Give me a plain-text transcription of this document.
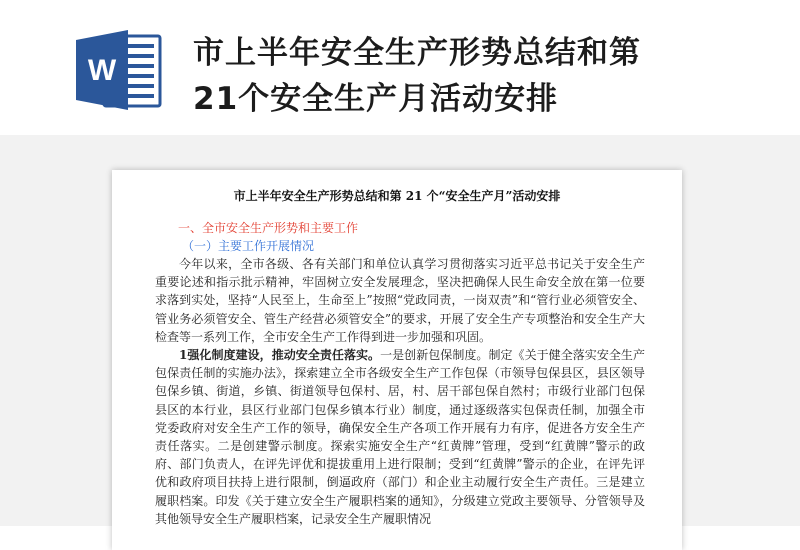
W 市上半年安全生产形势总结和第
21个安全生产月活动安排
市上半年安全生产形势总结和第 21 个“安全生产月”活动安排
一、全市安全生产形势和主要工作
（一）主要工作开展情况

今年以来，全市各级、各有关部门和单位认真学习贯彻落实习近平总书记关于安全生产重要论述和指示批示精神，牢固树立安全发展理念，坚决把确保人民生命安全放在第一位要求落到实处，坚持“人民至上，生命至上”按照“党政同责，一岗双责”和“管行业必须管安全、管业务必须管安全、管生产经营必须管安全”的要求，开展了安全生产专项整治和安全生产大检查等一系列工作，全市安全生产工作得到进一步加强和巩固。

1强化制度建设，推动安全责任落实。一是创新包保制度。制定《关于健全落实安全生产包保责任制的实施办法》，探索建立全市各级安全生产工作包保（市领导包保县区，县区领导包保乡镇、街道，乡镇、街道领导包保村、居，村、居干部包保自然村；市级行业部门包保县区的本行业，县区行业部门包保乡镇本行业）制度，通过逐级落实包保责任制，加强全市党委政府对安全生产工作的领导，确保安全生产各项工作开展有力有序，促进各方安全生产责任落实。二是创建警示制度。探索实施安全生产“红黄牌”管理，受到“红黄牌”警示的政府、部门负责人，在评先评优和提拔重用上进行限制；受到“红黄牌”警示的企业，在评先评优和政府项目扶持上进行限制，倒逼政府（部门）和企业主动履行安全生产责任。三是建立履职档案。印发《关于建立安全生产履职档案的通知》，分级建立党政主要领导、分管领导及其他领导安全生产履职档案，记录安全生产履职情况
